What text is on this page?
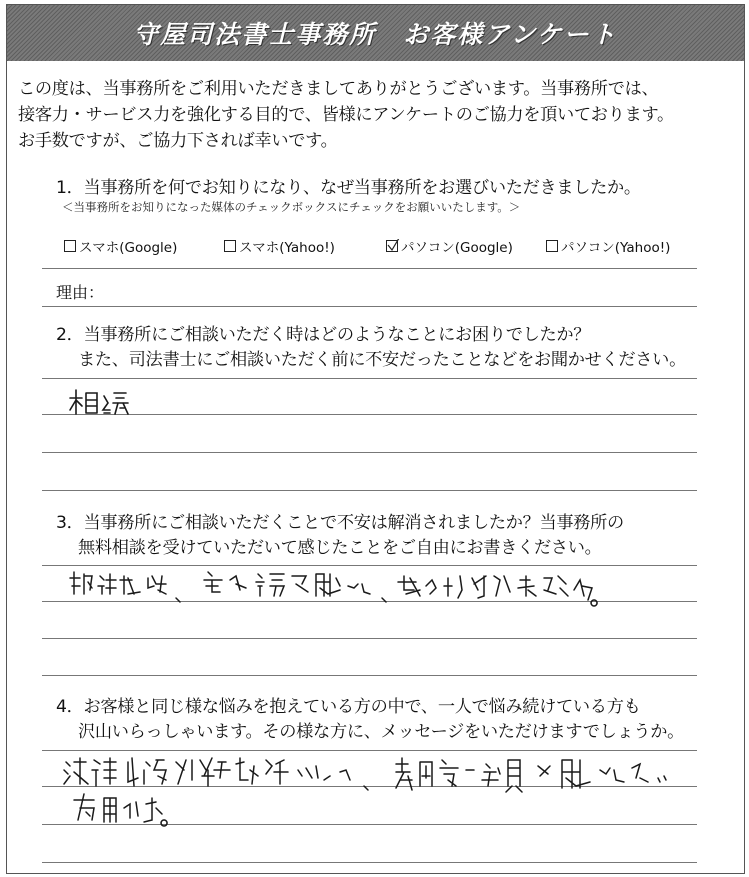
守屋司法書士事務所　お客様アンケート
この度は、当事務所をご利用いただきましてありがとうございます。当事務所では、
接客力・サービス力を強化する目的で、皆様にアンケートのご協力を頂いております。
お手数ですが、ご協力下されば幸いです。
1．当事務所を何でお知りになり、なぜ当事務所をお選びいただきましたか。
＜当事務所をお知りになった媒体のチェックボックスにチェックをお願いいたします。＞
スマホ(Google)	スマホ(Yahoo!)	パソコン(Google)	パソコン(Yahoo!)
理由：
2．当事務所にご相談いただく時はどのようなことにお困りでしたか？
また、司法書士にご相談いただく前に不安だったことなどをお聞かせください。
3．当事務所にご相談いただくことで不安は解消されましたか？当事務所の
無料相談を受けていただいて感じたことをご自由にお書きください。
4．お客様と同じ様な悩みを抱えている方の中で、一人で悩み続けている方も
沢山いらっしゃいます。その様な方に、メッセージをいただけますでしょうか。
